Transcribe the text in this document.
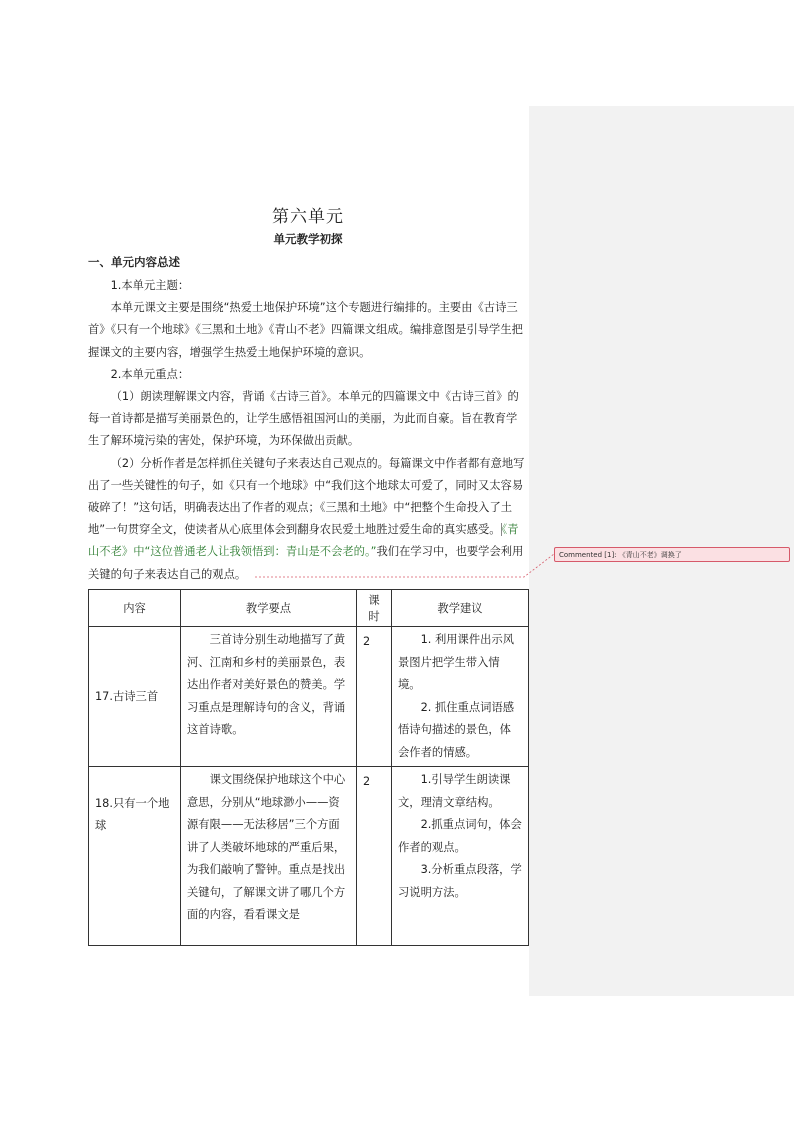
Commented [1]: 《青山不老》调换了
第六单元
单元教学初探
一、单元内容总述

1.本单元主题：

本单元课文主要是围绕“热爱土地保护环境”这个专题进行编排的。主要由《古诗三首》《只有一个地球》《三黑和土地》《青山不老》四篇课文组成。编排意图是引导学生把握课文的主要内容，增强学生热爱土地保护环境的意识。

2.本单元重点：

（1）朗读理解课文内容，背诵《古诗三首》。本单元的四篇课文中《古诗三首》的每一首诗都是描写美丽景色的，让学生感悟祖国河山的美丽，为此而自豪。旨在教育学生了解环境污染的害处，保护环境，为环保做出贡献。

（2）分析作者是怎样抓住关键句子来表达自己观点的。每篇课文中作者都有意地写出了一些关键性的句子，如《只有一个地球》中“我们这个地球太可爱了，同时又太容易破碎了！”这句话，明确表达出了作者的观点；《三黑和土地》中“把整个生命投入了土地”一句贯穿全文，使读者从心底里体会到翻身农民爱土地胜过爱生命的真实感受。《青山不老》中“这位普通老人让我领悟到：青山是不会老的。”我们在学习中，也要学会利用关键的句子来表达自己的观点。

内容	教学要点	课时	教学建议
17.古诗三首	三首诗分别生动地描写了黄河、江南和乡村的美丽景色，表达出作者对美好景色的赞美。学习重点是理解诗句的含义，背诵这首诗歌。	2	1. 利用课件出示风景图片把学生带入情境。

2. 抓住重点词语感悟诗句描述的景色，体会作者的情感。

18.只有一个地球	课文围绕保护地球这个中心意思，分别从“地球渺小——资源有限——无法移居”三个方面讲了人类破坏地球的严重后果，为我们敲响了警钟。重点是找出关键句，了解课文讲了哪几个方面的内容，看看课文是	2	1.引导学生朗读课文，理清文章结构。

2.抓重点词句，体会作者的观点。

3.分析重点段落，学习说明方法。
